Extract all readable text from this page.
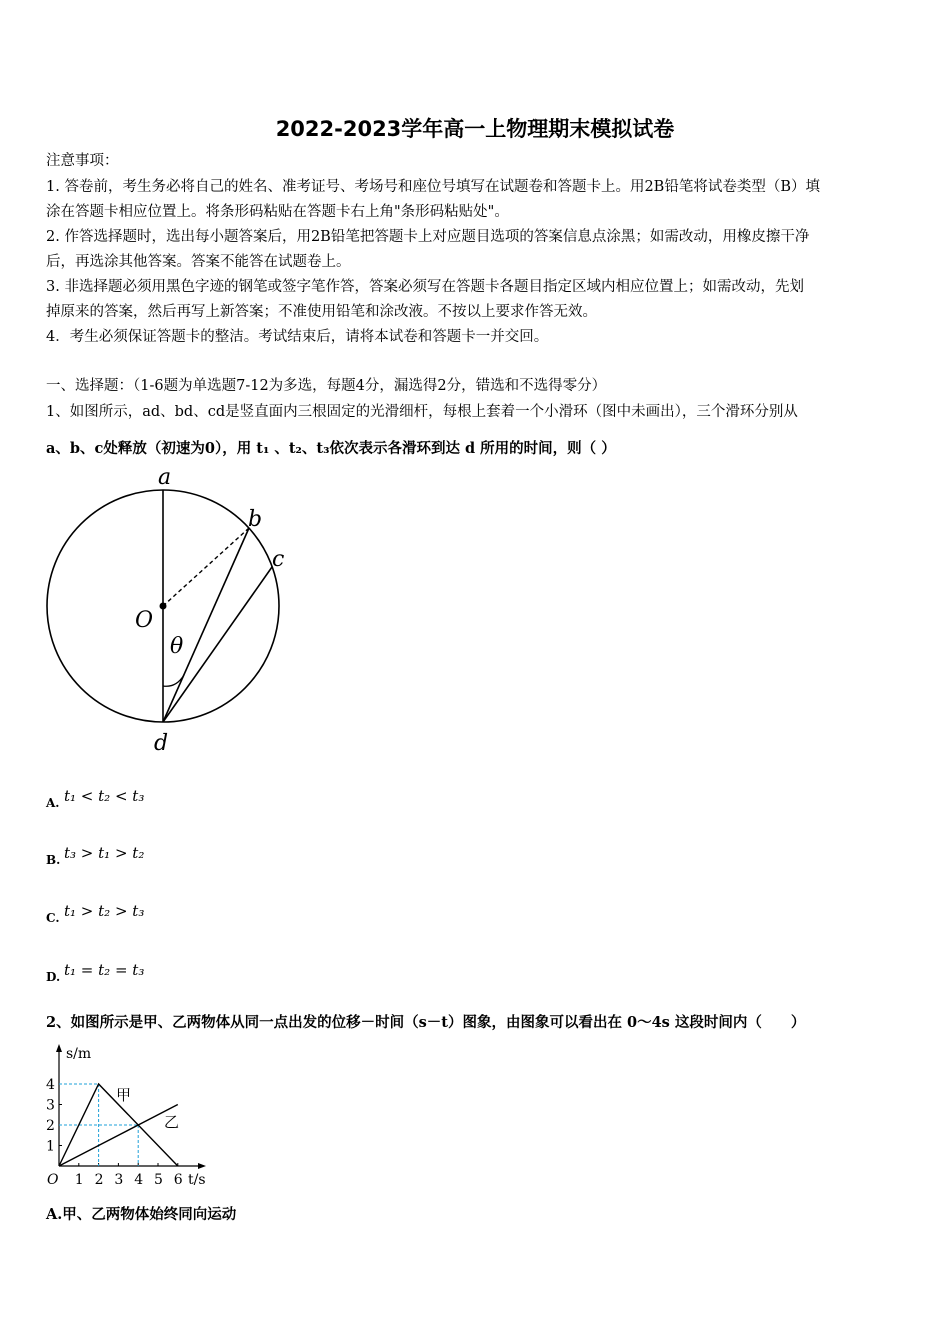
2022-2023学年高一上物理期末模拟试卷
注意事项：
1. 答卷前，考生务必将自己的姓名、准考证号、考场号和座位号填写在试题卷和答题卡上。用2B铅笔将试卷类型（B）填
涂在答题卡相应位置上。将条形码粘贴在答题卡右上角"条形码粘贴处"。
2. 作答选择题时，选出每小题答案后，用2B铅笔把答题卡上对应题目选项的答案信息点涂黑；如需改动，用橡皮擦干净
后，再选涂其他答案。答案不能答在试题卷上。
3. 非选择题必须用黑色字迹的钢笔或签字笔作答，答案必须写在答题卡各题目指定区域内相应位置上；如需改动，先划
掉原来的答案，然后再写上新答案；不准使用铅笔和涂改液。不按以上要求作答无效。
4．考生必须保证答题卡的整洁。考试结束后，请将本试卷和答题卡一并交回。
一、选择题：（1-6题为单选题7-12为多选，每题4分，漏选得2分，错选和不选得零分）
1、如图所示，ad、bd、cd是竖直面内三根固定的光滑细杆，每根上套着一个小滑环（图中未画出），三个滑环分别从
a、b、c处释放（初速为0），用 t₁ 、t₂、t₃依次表示各滑环到达 d 所用的时间，则（ ）
a
b
c
O
θ
d
A. t₁ < t₂ < t₃
B. t₃ > t₁ > t₂
C. t₁ > t₂ > t₃
D. t₁ = t₂ = t₃
2、如图所示是甲、乙两物体从同一点出发的位移－时间（s－t）图象，由图象可以看出在 0～4s 这段时间内（　　）
s/m
t/s
O 1 2 3 4 5 6
1
2
3
4
甲
乙
A.甲、乙两物体始终同向运动
